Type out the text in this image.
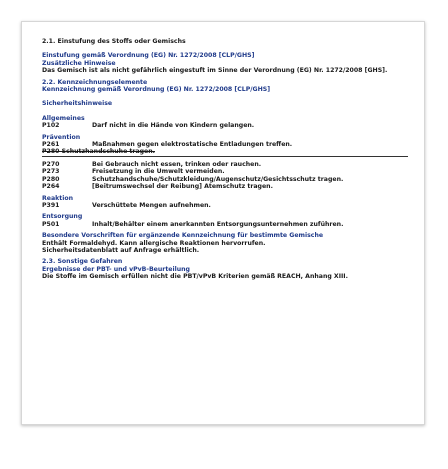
2.1. Einstufung des Stoffs oder Gemischs
Einstufung gemäß Verordnung (EG) Nr. 1272/2008 [CLP/GHS]
Zusätzliche Hinweise
Das Gemisch ist als nicht gefährlich eingestuft im Sinne der Verordnung (EG) Nr. 1272/2008 [GHS].
2.2. Kennzeichnungselemente
Kennzeichnung gemäß Verordnung (EG) Nr. 1272/2008 [CLP/GHS]
Sicherheitshinweise
Allgemeines
P102	Darf nicht in die Hände von Kindern gelangen.
Prävention
P261	Maßnahmen gegen elektrostatische Entladungen treffen.
P280 Schutzhandschuhe tragen.
P270	Bei Gebrauch nicht essen, trinken oder rauchen.
P273	Freisetzung in die Umwelt vermeiden.
P280	Schutzhandschuhe/Schutzkleidung/Augenschutz/Gesichtsschutz tragen.
P264	[Beitrumswechsel der Reibung] Atemschutz tragen.
Reaktion
P391	Verschüttete Mengen aufnehmen.
Entsorgung
P501	Inhalt/Behälter einem anerkannten Entsorgungsunternehmen zuführen.
Besondere Vorschriften für ergänzende Kennzeichnung für bestimmte Gemische
Enthält Formaldehyd. Kann allergische Reaktionen hervorrufen.
Sicherheitsdatenblatt auf Anfrage erhältlich.
2.3. Sonstige Gefahren
Ergebnisse der PBT- und vPvB-Beurteilung
Die Stoffe im Gemisch erfüllen nicht die PBT/vPvB Kriterien gemäß REACH, Anhang XIII.
